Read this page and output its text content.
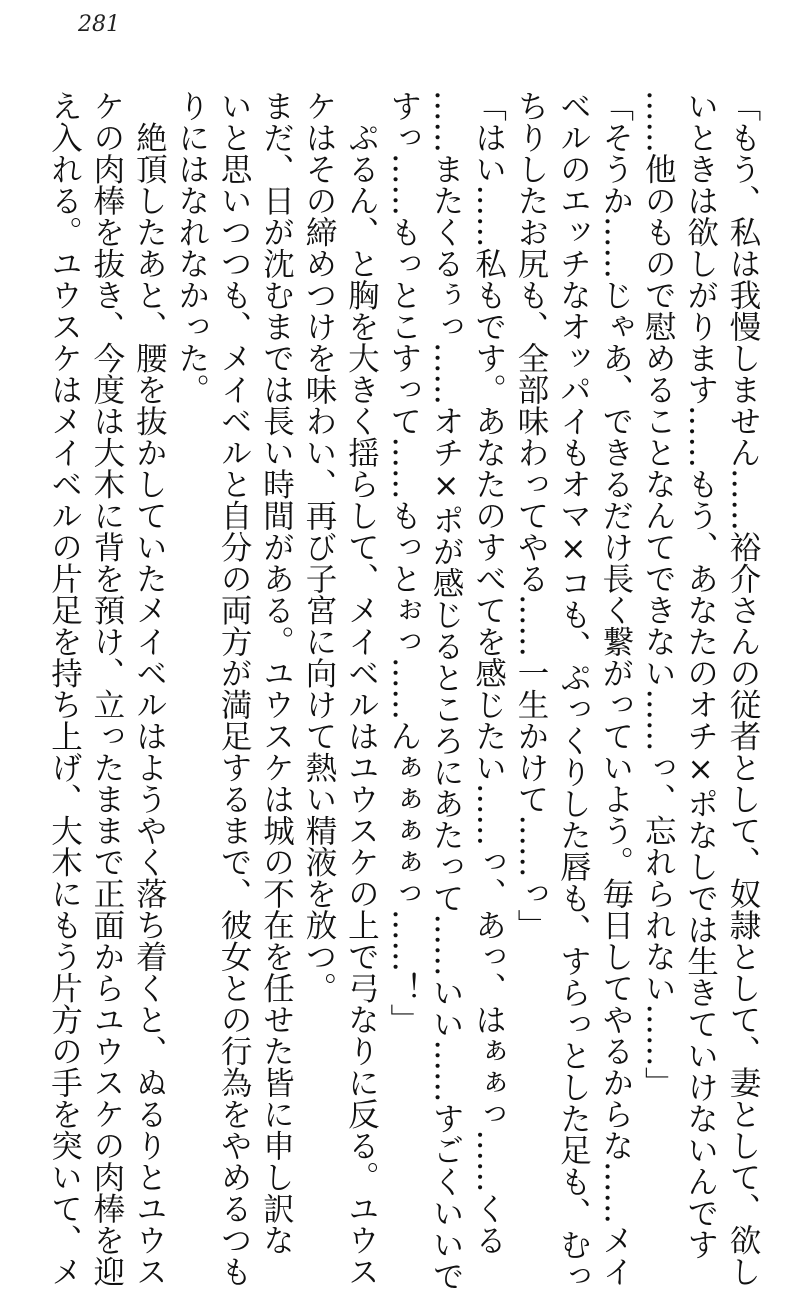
281
「もう、私は我慢しません……裕介さんの従者として、奴隷として、妻として、欲し
いときは欲しがります……もう、あなたのオチ×ポなしでは生きていけないんです
……他のもので慰めることなんてできない……っ、忘れられない……」
「そうか……じゃあ、できるだけ長く繋がっていよう。毎日してやるからな……メイ
ベルのエッチなオッパイもオマ×コも、ぷっくりした唇も、すらっとした足も、むっ
ちりしたお尻も、全部味わってやる……一生かけて……っ」
「はい……私もです。あなたのすべてを感じたい……っ、あっ、はぁぁっ……くる
……またくるぅっ……オチ×ポが感じるところにあたって……いい……すごくいいで
すっ……もっとこすって……もっとぉっ……んぁぁぁぁっ……！」
　ぷるん、と胸を大きく揺らして、メイベルはユウスケの上で弓なりに反る。ユウス
ケはその締めつけを味わい、再び子宮に向けて熱い精液を放つ。
まだ、日が沈むまでは長い時間がある。ユウスケは城の不在を任せた皆に申し訳な
いと思いつつも、メイベルと自分の両方が満足するまで、彼女との行為をやめるつも
りにはなれなかった。
　絶頂したあと、腰を抜かしていたメイベルはようやく落ち着くと、ぬるりとユウス
ケの肉棒を抜き、今度は大木に背を預け、立ったままで正面からユウスケの肉棒を迎
え入れる。ユウスケはメイベルの片足を持ち上げ、大木にもう片方の手を突いて、メ
